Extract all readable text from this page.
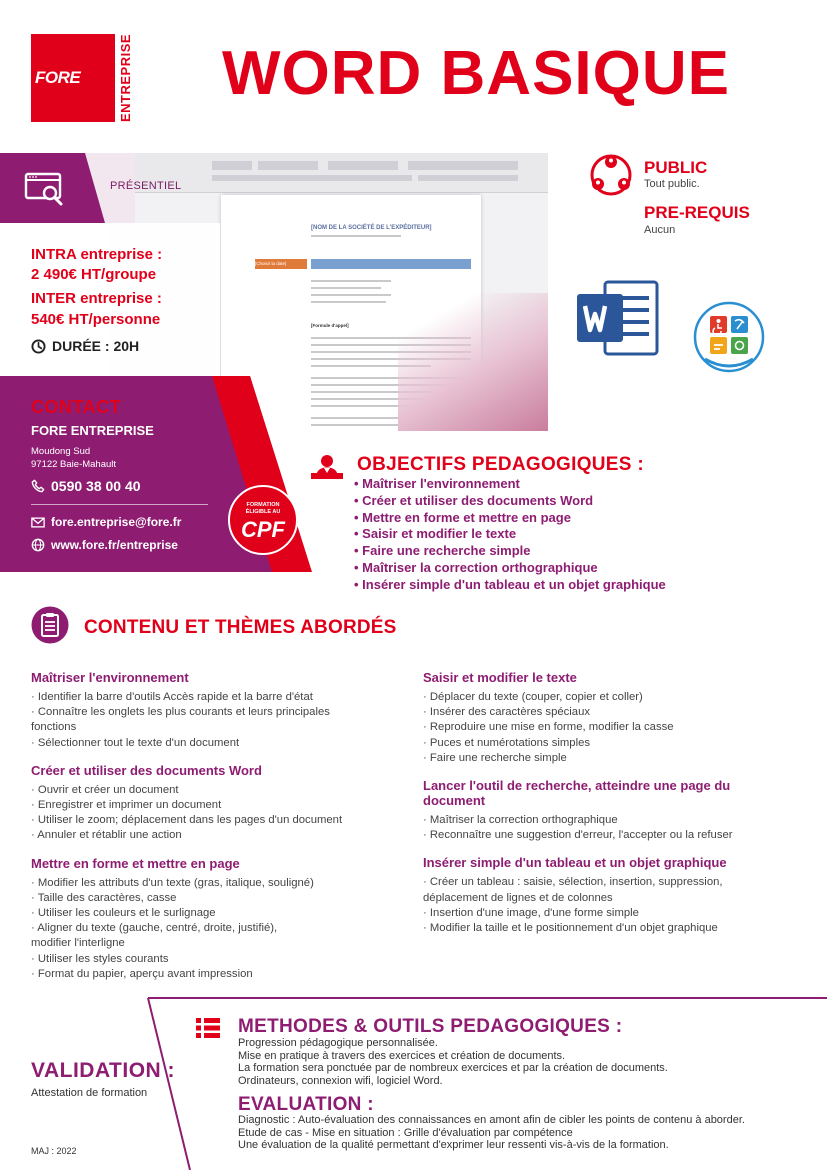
FORE	ENTREPRISE WORD BASIQUE
[NOM DE LA SOCIÉTÉ DE L'EXPÉDITEUR]
[Choisir la date]
[Formule d'appel]
PRÉSENTIEL
INTRA entreprise :
2 490€ HT/groupe
INTER entreprise :
540€ HT/personne
DURÉE : 20H
CONTACT
FORE ENTREPRISE
Moudong Sud
97122 Baie-Mahault
0590 38 00 40
fore.entreprise@fore.fr
www.fore.fr/entreprise
FORMATION
ÉLIGIBLE AU
CPF
PUBLIC
Tout public.
PRE-REQUIS
Aucun
OBJECTIFS PEDAGOGIQUES :
• Maîtriser l'environnement
• Créer et utiliser des documents Word
• Mettre en forme et mettre en page
• Saisir et modifier le texte
• Faire une recherche simple
• Maîtriser la correction orthographique
• Insérer simple d'un tableau et un objet graphique
CONTENU ET THÈMES ABORDÉS
Maîtriser l'environnement
· Identifier la barre d'outils Accès rapide et la barre d'état
· Connaître les onglets les plus courants et leurs principales
fonctions
· Sélectionner tout le texte d'un document
Créer et utiliser des documents Word
· Ouvrir et créer un document
· Enregistrer et imprimer un document
· Utiliser le zoom; déplacement dans les pages d'un document
· Annuler et rétablir une action
Mettre en forme et mettre en page
· Modifier les attributs d'un texte (gras, italique, souligné)
· Taille des caractères, casse
· Utiliser les couleurs et le surlignage
· Aligner du texte (gauche, centré, droite, justifié),
modifier l'interligne
· Utiliser les styles courants
· Format du papier, aperçu avant impression
Saisir et modifier le texte
· Déplacer du texte (couper, copier et coller)
· Insérer des caractères spéciaux
· Reproduire une mise en forme, modifier la casse
· Puces et numérotations simples
· Faire une recherche simple
Lancer l'outil de recherche, atteindre une page du document
· Maîtriser la correction orthographique
· Reconnaître une suggestion d'erreur, l'accepter ou la refuser
Insérer simple d'un tableau et un objet graphique
· Créer un tableau : saisie, sélection, insertion, suppression,
déplacement de lignes et de colonnes
· Insertion d'une image, d'une forme simple
· Modifier la taille et le positionnement d'un objet graphique
VALIDATION :
Attestation de formation
MAJ : 2022
METHODES & OUTILS PEDAGOGIQUES :
Progression pédagogique personnalisée.
Mise en pratique à travers des exercices et création de documents.
La formation sera ponctuée par de nombreux exercices et par la création de documents.
Ordinateurs, connexion wifi, logiciel Word.
EVALUATION :
Diagnostic : Auto-évaluation des connaissances en amont afin de cibler les points de contenu à aborder.
Etude de cas - Mise en situation : Grille d'évaluation par compétence
Une évaluation de la qualité permettant d'exprimer leur ressenti vis-à-vis de la formation.
